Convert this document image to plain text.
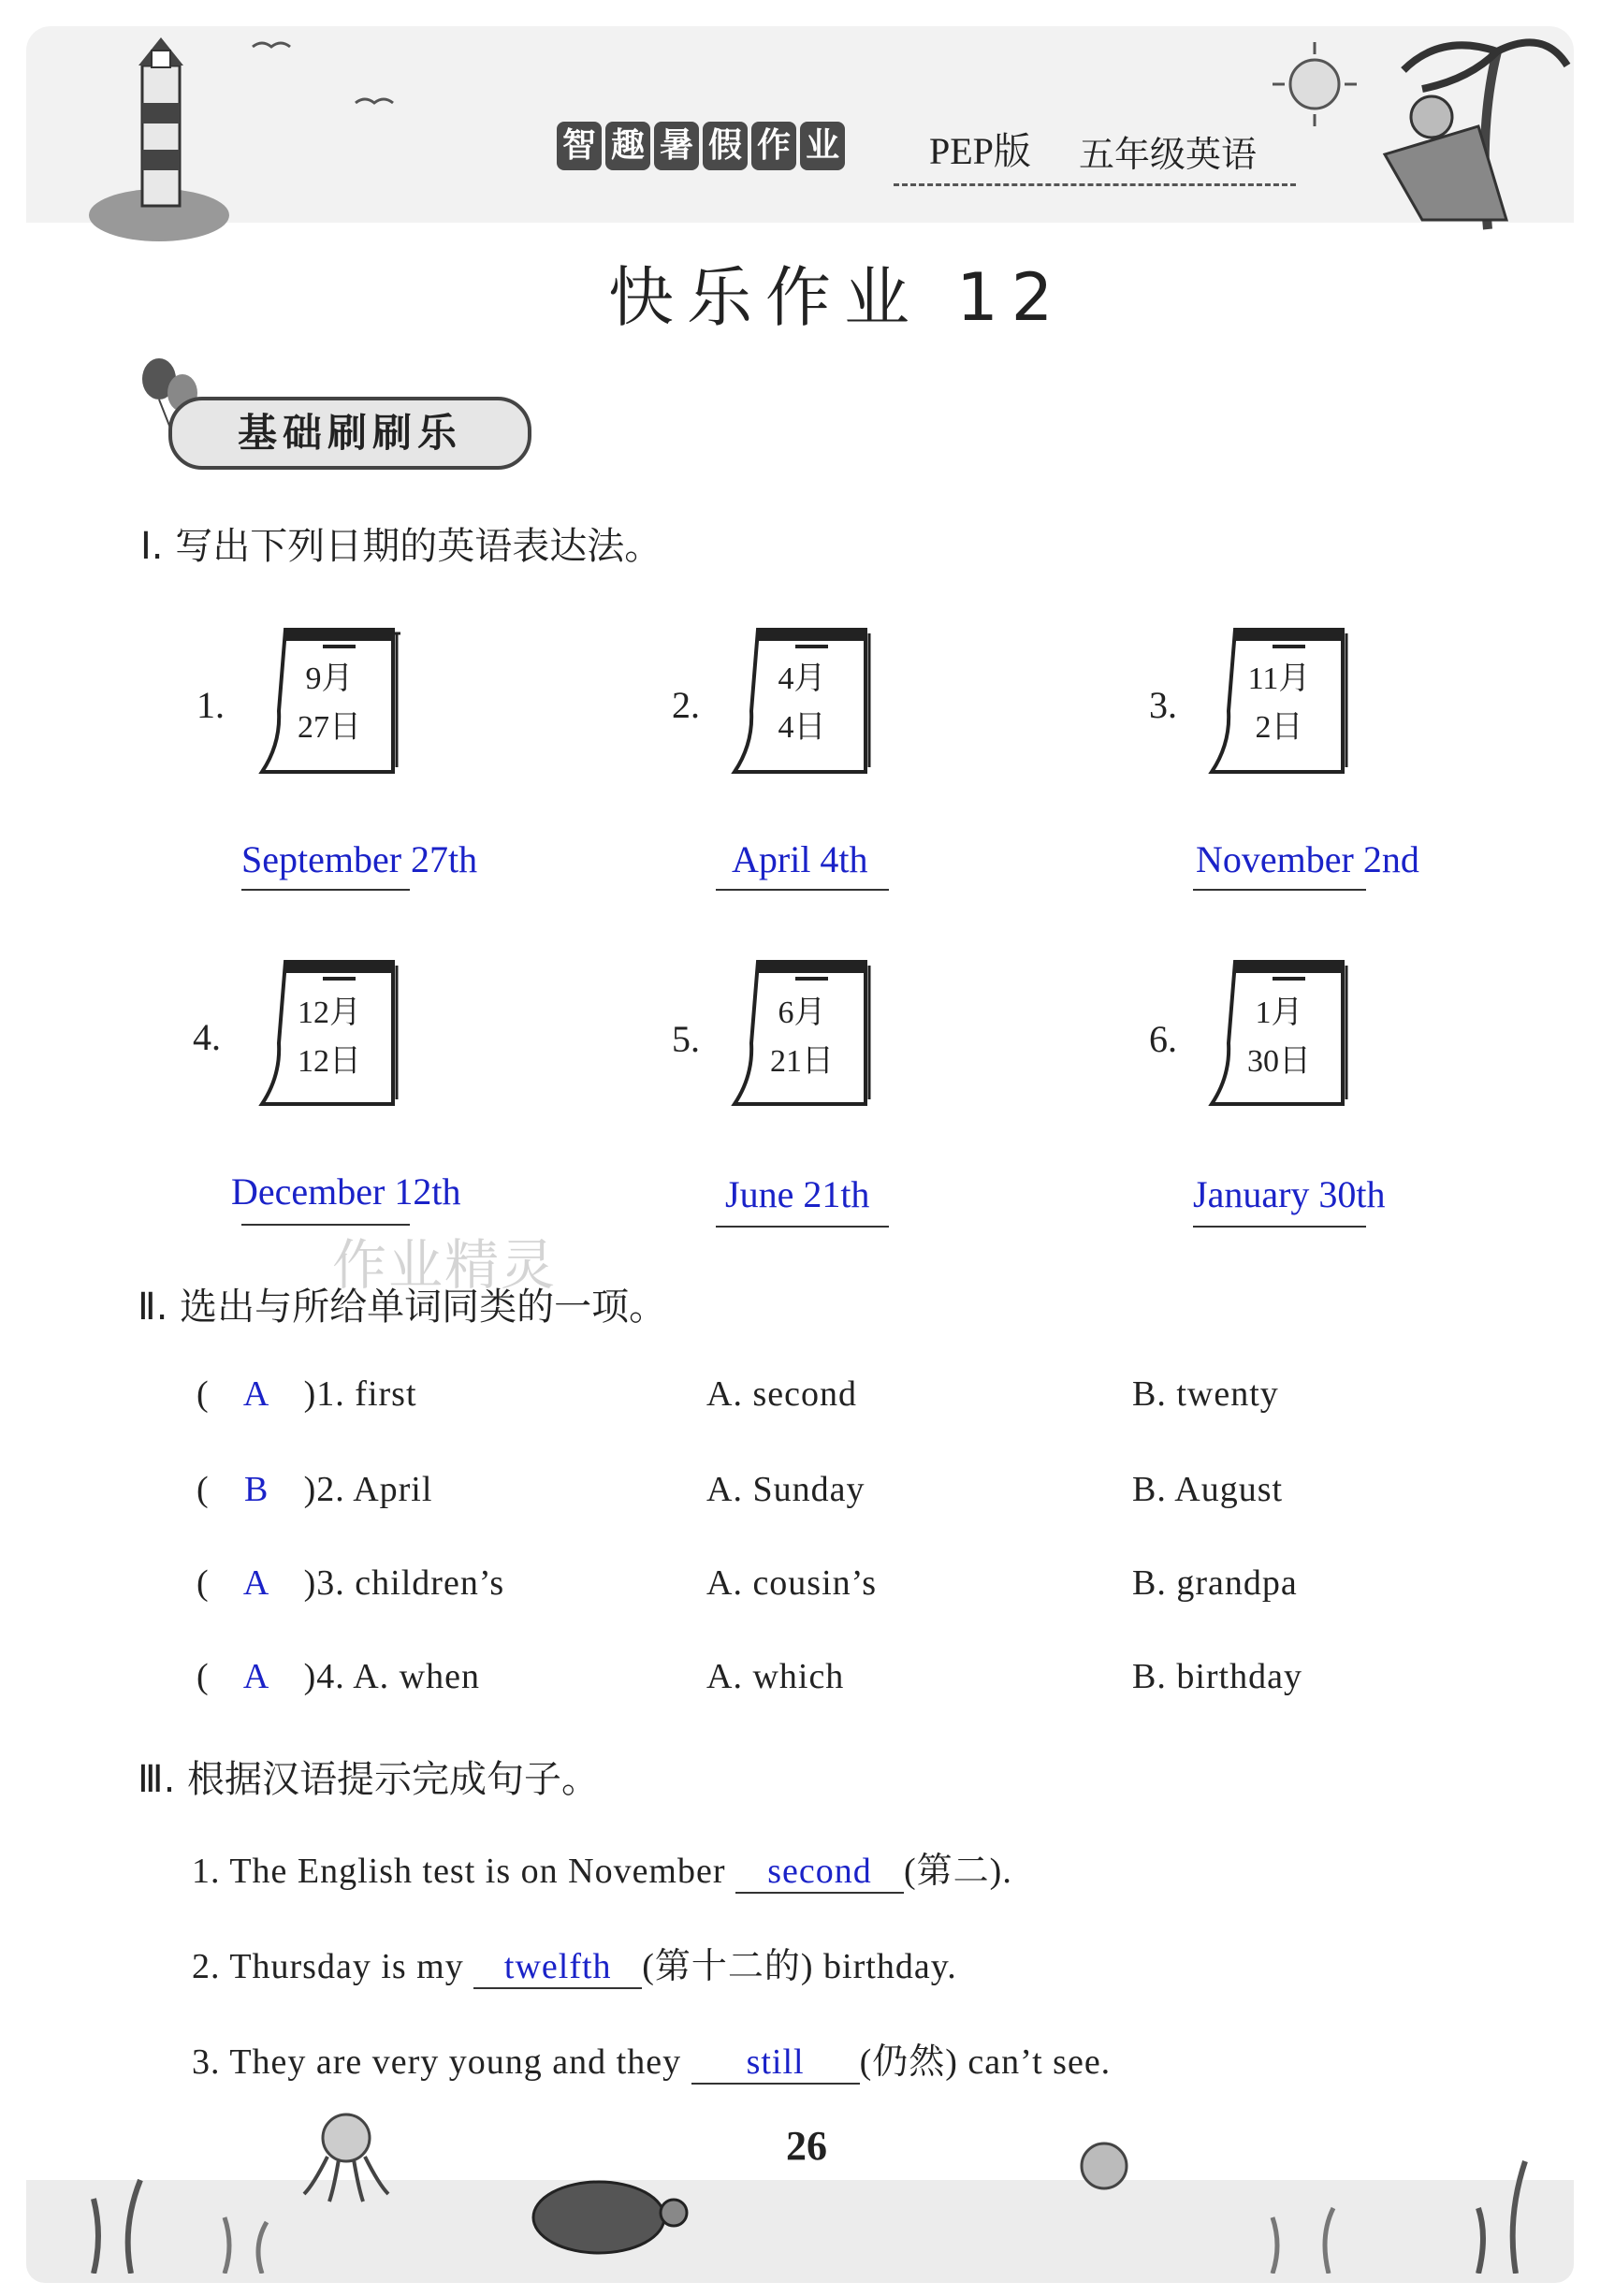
智 趣 暑 假 作 业 PEP版 五年级英语
快乐作业 12
基础刷刷乐
Ⅰ. 写出下列日期的英语表达法。
1.
9月
27日
September 27th
2.
4月
4日
April 4th
3.
11月
2日
November 2nd
4.
12月
12日
December 12th
5.
6月
21日
June 21th
6.
1月
30日
January 30th
作业精灵
Ⅱ. 选出与所给单词同类的一项。
( A )1. first	A. second	B. twenty
( B )2. April	A. Sunday	B. August
( A )3. children’s	A. cousin’s	B. grandpa
( A )4. A. when	A. which	B. birthday
Ⅲ. 根据汉语提示完成句子。
1. The English test is on November second (第二).
2. Thursday is my twelfth (第十二的) birthday.
3. They are very young and they still (仍然) can’t see.
26
